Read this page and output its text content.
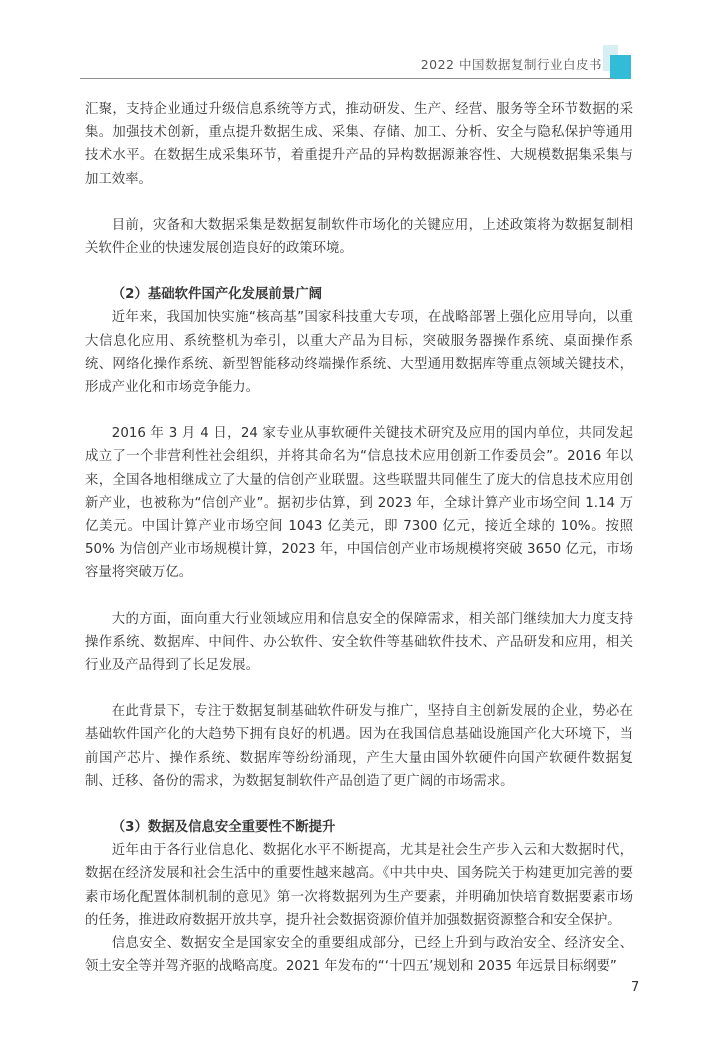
2022 中国数据复制行业白皮书

汇聚，支持企业通过升级信息系统等方式，推动研发、生产、经营、服务等全环节数据的采集。加强技术创新，重点提升数据生成、采集、存储、加工、分析、安全与隐私保护等通用技术水平。在数据生成采集环节，着重提升产品的异构数据源兼容性、大规模数据集采集与加工效率。

目前，灾备和大数据采集是数据复制软件市场化的关键应用，上述政策将为数据复制相关软件企业的快速发展创造良好的政策环境。

（2）基础软件国产化发展前景广阔

近年来，我国加快实施“核高基”国家科技重大专项，在战略部署上强化应用导向，以重大信息化应用、系统整机为牵引，以重大产品为目标，突破服务器操作系统、桌面操作系统、网络化操作系统、新型智能移动终端操作系统、大型通用数据库等重点领域关键技术，形成产业化和市场竞争能力。

2016 年 3 月 4 日，24 家专业从事软硬件关键技术研究及应用的国内单位，共同发起成立了一个非营利性社会组织，并将其命名为“信息技术应用创新工作委员会”。2016 年以来，全国各地相继成立了大量的信创产业联盟。这些联盟共同催生了庞大的信息技术应用创新产业，也被称为“信创产业”。据初步估算，到 2023 年，全球计算产业市场空间 1.14 万亿美元。中国计算产业市场空间 1043 亿美元，即 7300 亿元，接近全球的 10%。按照 50% 为信创产业市场规模计算，2023 年，中国信创产业市场规模将突破 3650 亿元，市场容量将突破万亿。

大的方面，面向重大行业领域应用和信息安全的保障需求，相关部门继续加大力度支持操作系统、数据库、中间件、办公软件、安全软件等基础软件技术、产品研发和应用，相关行业及产品得到了长足发展。

在此背景下，专注于数据复制基础软件研发与推广，坚持自主创新发展的企业，势必在基础软件国产化的大趋势下拥有良好的机遇。因为在我国信息基础设施国产化大环境下，当前国产芯片、操作系统、数据库等纷纷涌现，产生大量由国外软硬件向国产软硬件数据复制、迁移、备份的需求，为数据复制软件产品创造了更广阔的市场需求。

（3）数据及信息安全重要性不断提升

近年由于各行业信息化、数据化水平不断提高，尤其是社会生产步入云和大数据时代，数据在经济发展和社会生活中的重要性越来越高。《中共中央、国务院关于构建更加完善的要素市场化配置体制机制的意见》第一次将数据列为生产要素，并明确加快培育数据要素市场的任务，推进政府数据开放共享，提升社会数据资源价值并加强数据资源整合和安全保护。

信息安全、数据安全是国家安全的重要组成部分，已经上升到与政治安全、经济安全、领土安全等并驾齐驱的战略高度。2021 年发布的“‘十四五’规划和 2035 年远景目标纲要”

7
